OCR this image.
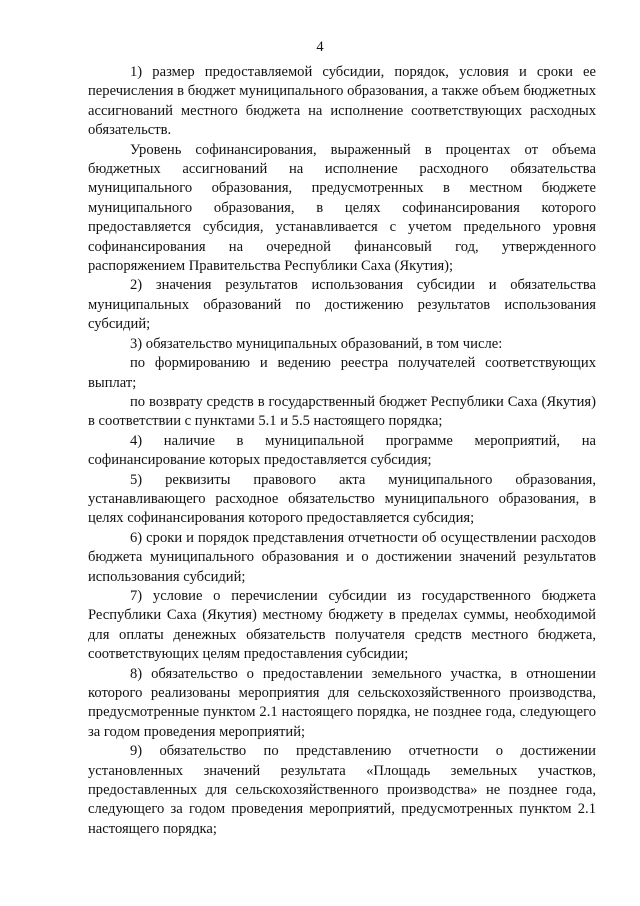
4

1) размер предоставляемой субсидии, порядок, условия и сроки ее перечисления в бюджет муниципального образования, а также объем бюджетных ассигнований местного бюджета на исполнение соответствующих расходных обязательств.

Уровень софинансирования, выраженный в процентах от объема бюджетных ассигнований на исполнение расходного обязательства муниципального образования, предусмотренных в местном бюджете муниципального образования, в целях софинансирования которого предоставляется субсидия, устанавливается с учетом предельного уровня софинансирования на очередной финансовый год, утвержденного распоряжением Правительства Республики Саха (Якутия);

2) значения результатов использования субсидии и обязательства муниципальных образований по достижению результатов использования субсидий;

3) обязательство муниципальных образований, в том числе:

по формированию и ведению реестра получателей соответствующих выплат;

по возврату средств в государственный бюджет Республики Саха (Якутия) в соответствии с пунктами 5.1 и 5.5 настоящего порядка;

4) наличие в муниципальной программе мероприятий, на софинансирование которых предоставляется субсидия;

5) реквизиты правового акта муниципального образования, устанавливающего расходное обязательство муниципального образования, в целях софинансирования которого предоставляется субсидия;

6) сроки и порядок представления отчетности об осуществлении расходов бюджета муниципального образования и о достижении значений результатов использования субсидий;

7) условие о перечислении субсидии из государственного бюджета Республики Саха (Якутия) местному бюджету в пределах суммы, необходимой для оплаты денежных обязательств получателя средств местного бюджета, соответствующих целям предоставления субсидии;

8) обязательство о предоставлении земельного участка, в отношении которого реализованы мероприятия для сельскохозяйственного производства, предусмотренные пунктом 2.1 настоящего порядка, не позднее года, следующего за годом проведения мероприятий;

9) обязательство по представлению отчетности о достижении установленных значений результата «Площадь земельных участков, предоставленных для сельскохозяйственного производства» не позднее года, следующего за годом проведения мероприятий, предусмотренных пунктом 2.1 настоящего порядка;
